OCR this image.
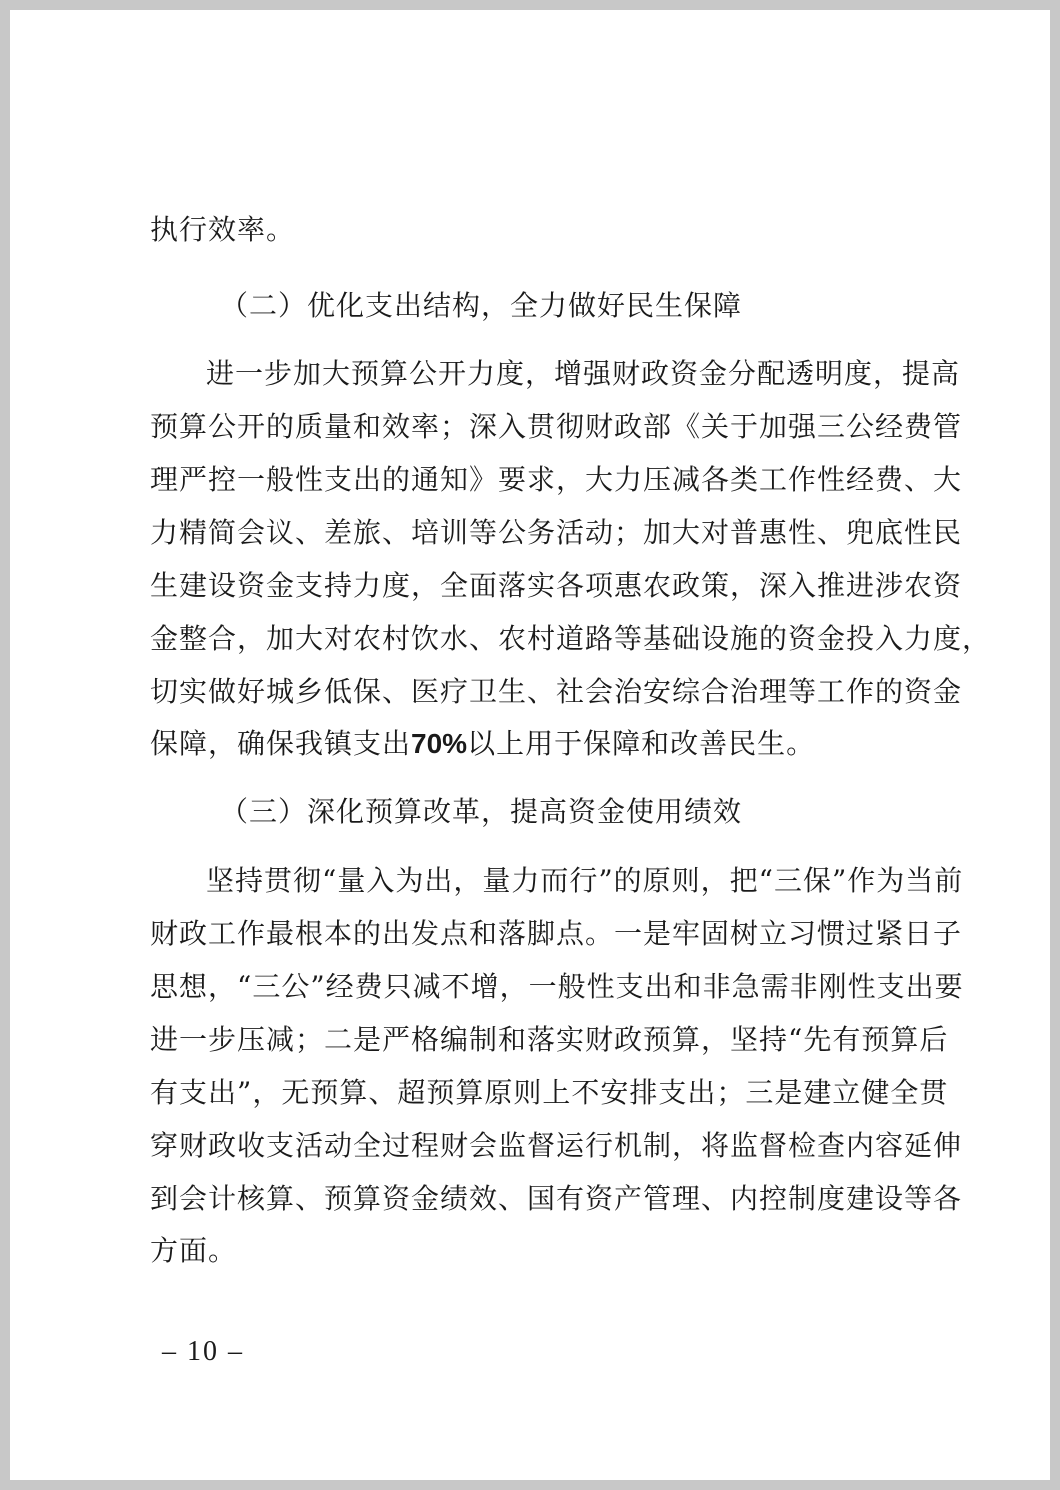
执行效率。
（二）优化支出结构，全力做好民生保障
进一步加大预算公开力度，增强财政资金分配透明度，提高
预算公开的质量和效率；深入贯彻财政部《关于加强三公经费管
理严控一般性支出的通知》要求，大力压减各类工作性经费、大
力精简会议、差旅、培训等公务活动；加大对普惠性、兜底性民
生建设资金支持力度，全面落实各项惠农政策，深入推进涉农资
金整合，加大对农村饮水、农村道路等基础设施的资金投入力度，
切实做好城乡低保、医疗卫生、社会治安综合治理等工作的资金
保障，确保我镇支出70%以上用于保障和改善民生。
（三）深化预算改革，提高资金使用绩效
坚持贯彻“量入为出，量力而行”的原则，把“三保”作为当前
财政工作最根本的出发点和落脚点。一是牢固树立习惯过紧日子
思想，“三公”经费只减不增，一般性支出和非急需非刚性支出要
进一步压减；二是严格编制和落实财政预算，坚持“先有预算后
有支出”，无预算、超预算原则上不安排支出；三是建立健全贯
穿财政收支活动全过程财会监督运行机制，将监督检查内容延伸
到会计核算、预算资金绩效、国有资产管理、内控制度建设等各
方面。
– 10 –
